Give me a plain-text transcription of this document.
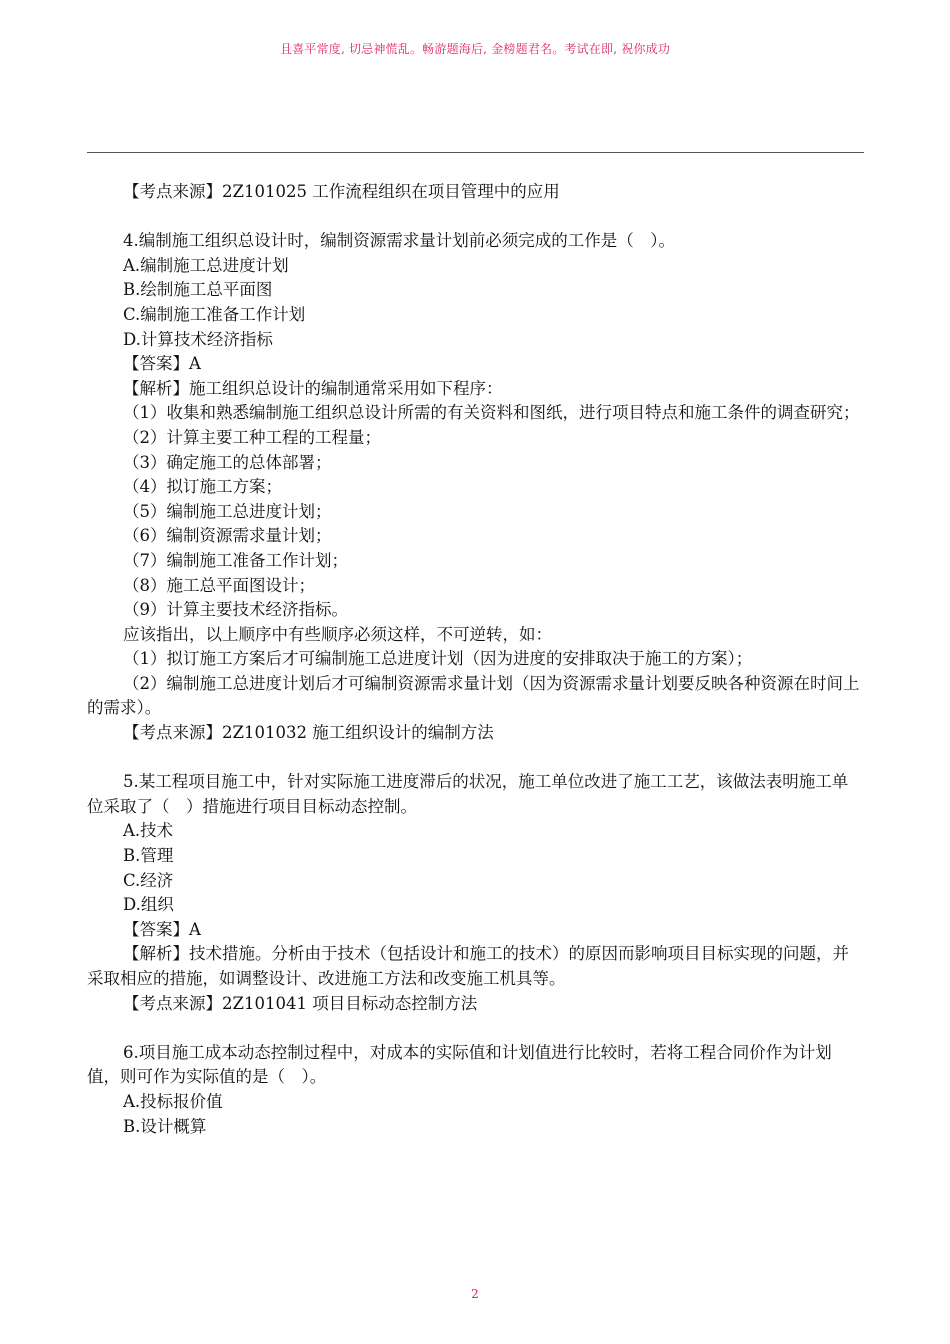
且喜平常度, 切忌神慌乱。畅游题海后, 金榜题君名。考试在即, 祝你成功

【考点来源】2Z101025 工作流程组织在项目管理中的应用

4.编制施工组织总设计时，编制资源需求量计划前必须完成的工作是（　）。

A.编制施工总进度计划

B.绘制施工总平面图

C.编制施工准备工作计划

D.计算技术经济指标

【答案】A

【解析】施工组织总设计的编制通常采用如下程序：

（1）收集和熟悉编制施工组织总设计所需的有关资料和图纸，进行项目特点和施工条件的调查研究；

（2）计算主要工种工程的工程量；

（3）确定施工的总体部署；

（4）拟订施工方案；

（5）编制施工总进度计划；

（6）编制资源需求量计划；

（7）编制施工准备工作计划；

（8）施工总平面图设计；

（9）计算主要技术经济指标。

应该指出，以上顺序中有些顺序必须这样，不可逆转，如：

（1）拟订施工方案后才可编制施工总进度计划（因为进度的安排取决于施工的方案）；

（2）编制施工总进度计划后才可编制资源需求量计划（因为资源需求量计划要反映各种资源在时间上的需求）。

【考点来源】2Z101032 施工组织设计的编制方法

5.某工程项目施工中，针对实际施工进度滞后的状况，施工单位改进了施工工艺，该做法表明施工单位采取了（　）措施进行项目目标动态控制。

A.技术

B.管理

C.经济

D.组织

【答案】A

【解析】技术措施。分析由于技术（包括设计和施工的技术）的原因而影响项目目标实现的问题，并采取相应的措施，如调整设计、改进施工方法和改变施工机具等。

【考点来源】2Z101041 项目目标动态控制方法

6.项目施工成本动态控制过程中，对成本的实际值和计划值进行比较时，若将工程合同价作为计划值，则可作为实际值的是（　）。

A.投标报价值

B.设计概算

2
